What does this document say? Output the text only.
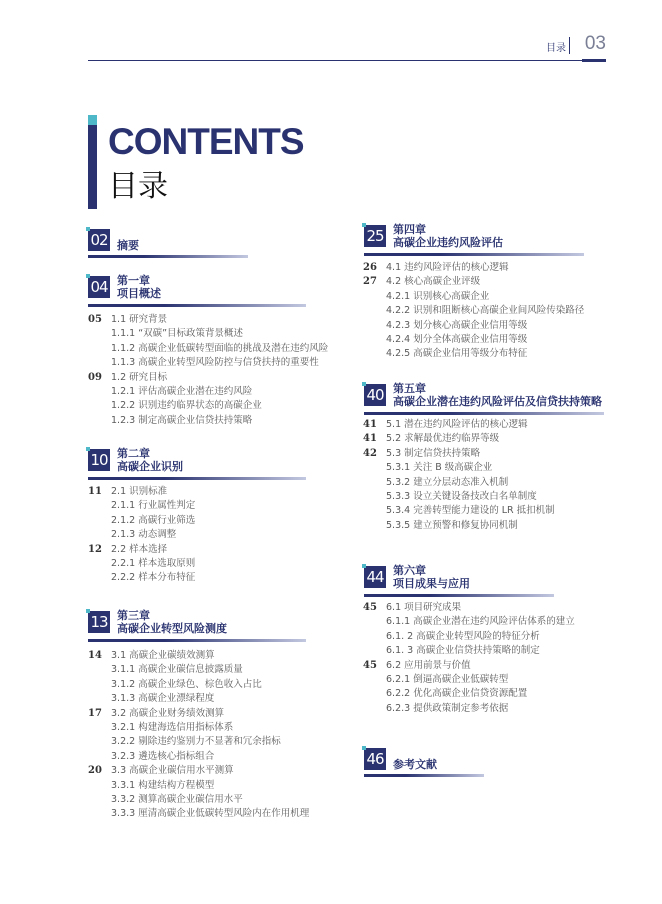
目录 03
CONTENTS
目录
02 摘要
04 第一章
项目概述
05 1.1 研究背景
1.1.1 “双碳”目标政策背景概述
1.1.2 高碳企业低碳转型面临的挑战及潜在违约风险
1.1.3 高碳企业转型风险防控与信贷扶持的重要性
09 1.2 研究目标
1.2.1 评估高碳企业潜在违约风险
1.2.2 识别违约临界状态的高碳企业
1.2.3 制定高碳企业信贷扶持策略
10 第二章
高碳企业识别
11 2.1 识别标准
2.1.1 行业属性判定
2.1.2 高碳行业筛选
2.1.3 动态调整
12 2.2 样本选择
2.2.1 样本选取原则
2.2.2 样本分布特征
13 第三章
高碳企业转型风险测度
14 3.1 高碳企业碳绩效测算
3.1.1 高碳企业碳信息披露质量
3.1.2 高碳企业绿色、棕色收入占比
3.1.3 高碳企业漂绿程度
17 3.2 高碳企业财务绩效测算
3.2.1 构建海选信用指标体系
3.2.2 剔除违约鉴别力不显著和冗余指标
3.2.3 遴选核心指标组合
20 3.3 高碳企业碳信用水平测算
3.3.1 构建结构方程模型
3.3.2 测算高碳企业碳信用水平
3.3.3 厘清高碳企业低碳转型风险内在作用机理
25 第四章
高碳企业违约风险评估
26 4.1 违约风险评估的核心逻辑
27 4.2 核心高碳企业评级
4.2.1 识别核心高碳企业
4.2.2 识别和阻断核心高碳企业间风险传染路径
4.2.3 划分核心高碳企业信用等级
4.2.4 划分全体高碳企业信用等级
4.2.5 高碳企业信用等级分布特征
40 第五章
高碳企业潜在违约风险评估及信贷扶持策略
41 5.1 潜在违约风险评估的核心逻辑
41 5.2 求解最优违约临界等级
42 5.3 制定信贷扶持策略
5.3.1 关注 B 级高碳企业
5.3.2 建立分层动态准入机制
5.3.3 设立关键设备技改白名单制度
5.3.4 完善转型能力建设的 LR 抵扣机制
5.3.5 建立预警和修复协同机制
44 第六章
项目成果与应用
45 6.1 项目研究成果
6.1.1 高碳企业潜在违约风险评估体系的建立
6.1. 2 高碳企业转型风险的特征分析
6.1. 3 高碳企业信贷扶持策略的制定
45 6.2 应用前景与价值
6.2.1 倒逼高碳企业低碳转型
6.2.2 优化高碳企业信贷资源配置
6.2.3 提供政策制定参考依据
46 参考文献
